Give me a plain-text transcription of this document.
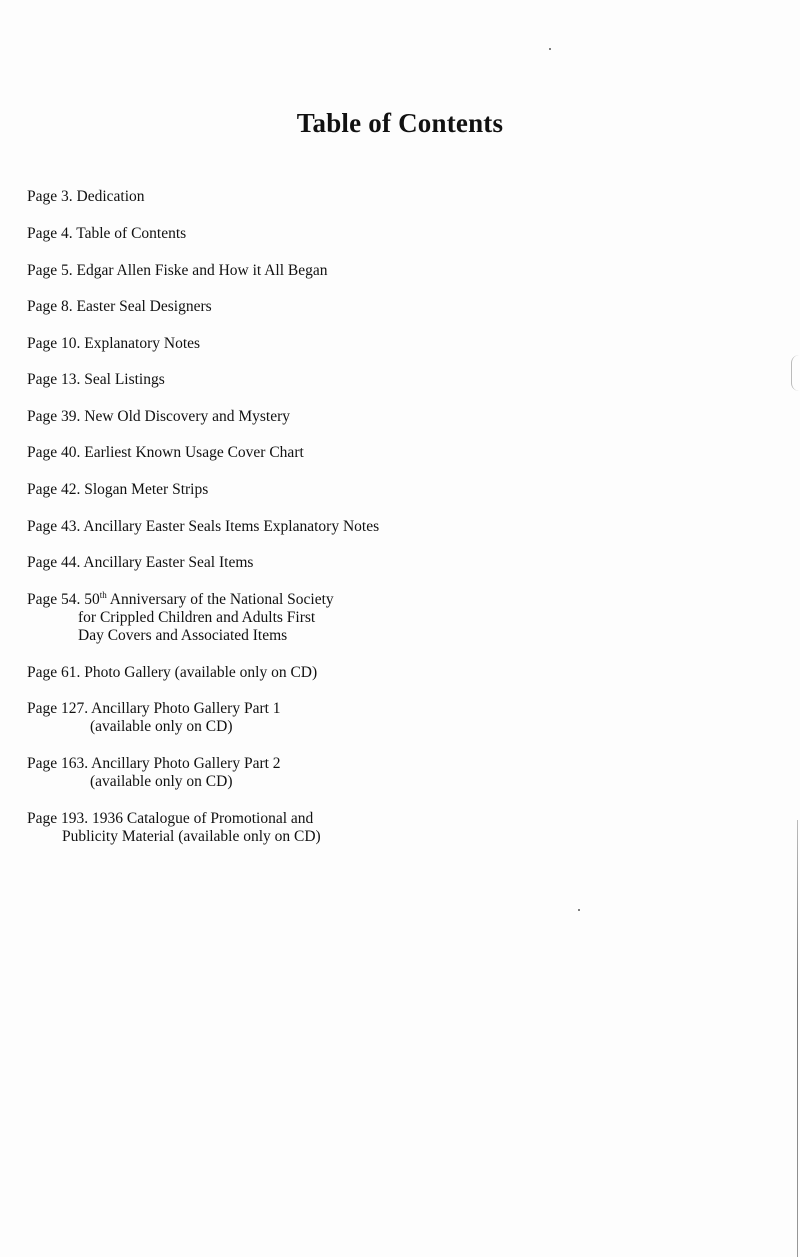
Table of Contents
Page 3. Dedication
Page 4. Table of Contents
Page 5. Edgar Allen Fiske and How it All Began
Page 8. Easter Seal Designers
Page 10. Explanatory Notes
Page 13. Seal Listings
Page 39. New Old Discovery and Mystery
Page 40. Earliest Known Usage Cover Chart
Page 42. Slogan Meter Strips
Page 43. Ancillary Easter Seals Items Explanatory Notes
Page 44. Ancillary Easter Seal Items
Page 54. 50th Anniversary of the National Society
for Crippled Children and Adults First
Day Covers and Associated Items
Page 61. Photo Gallery (available only on CD)
Page 127. Ancillary Photo Gallery Part 1
(available only on CD)
Page 163. Ancillary Photo Gallery Part 2
(available only on CD)
Page 193. 1936 Catalogue of Promotional and
Publicity Material (available only on CD)
